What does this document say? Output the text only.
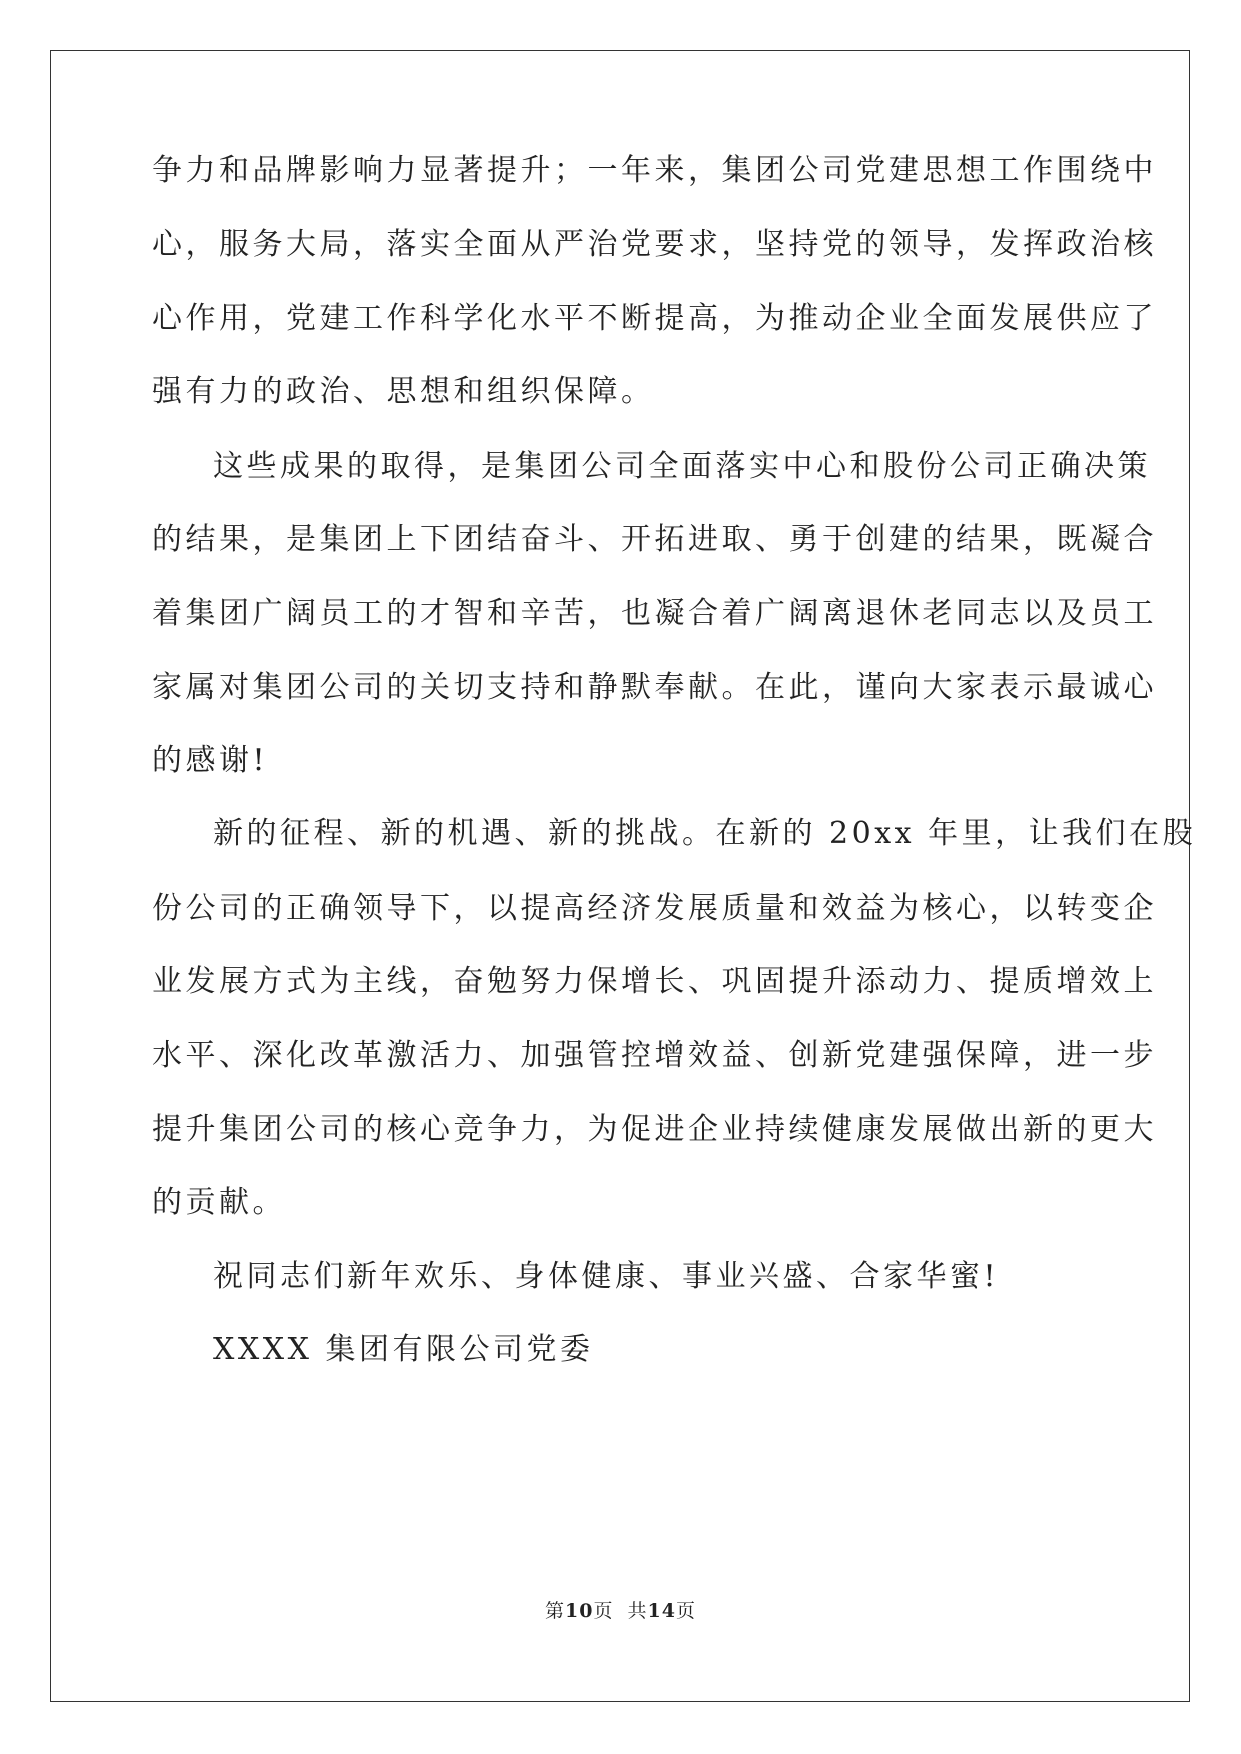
争力和品牌影响力显著提升；一年来，集团公司党建思想工作围绕中
心，服务大局，落实全面从严治党要求，坚持党的领导，发挥政治核
心作用，党建工作科学化水平不断提高，为推动企业全面发展供应了
强有力的政治、思想和组织保障。
这些成果的取得，是集团公司全面落实中心和股份公司正确决策
的结果，是集团上下团结奋斗、开拓进取、勇于创建的结果，既凝合
着集团广阔员工的才智和辛苦，也凝合着广阔离退休老同志以及员工
家属对集团公司的关切支持和静默奉献。在此，谨向大家表示最诚心
的感谢!
新的征程、新的机遇、新的挑战。在新的 20xx 年里，让我们在股
份公司的正确领导下，以提高经济发展质量和效益为核心，以转变企
业发展方式为主线，奋勉努力保增长、巩固提升添动力、提质增效上
水平、深化改革激活力、加强管控增效益、创新党建强保障，进一步
提升集团公司的核心竞争力，为促进企业持续健康发展做出新的更大
的贡献。
祝同志们新年欢乐、身体健康、事业兴盛、合家华蜜!
XXXX 集团有限公司党委
第10页  共14页
